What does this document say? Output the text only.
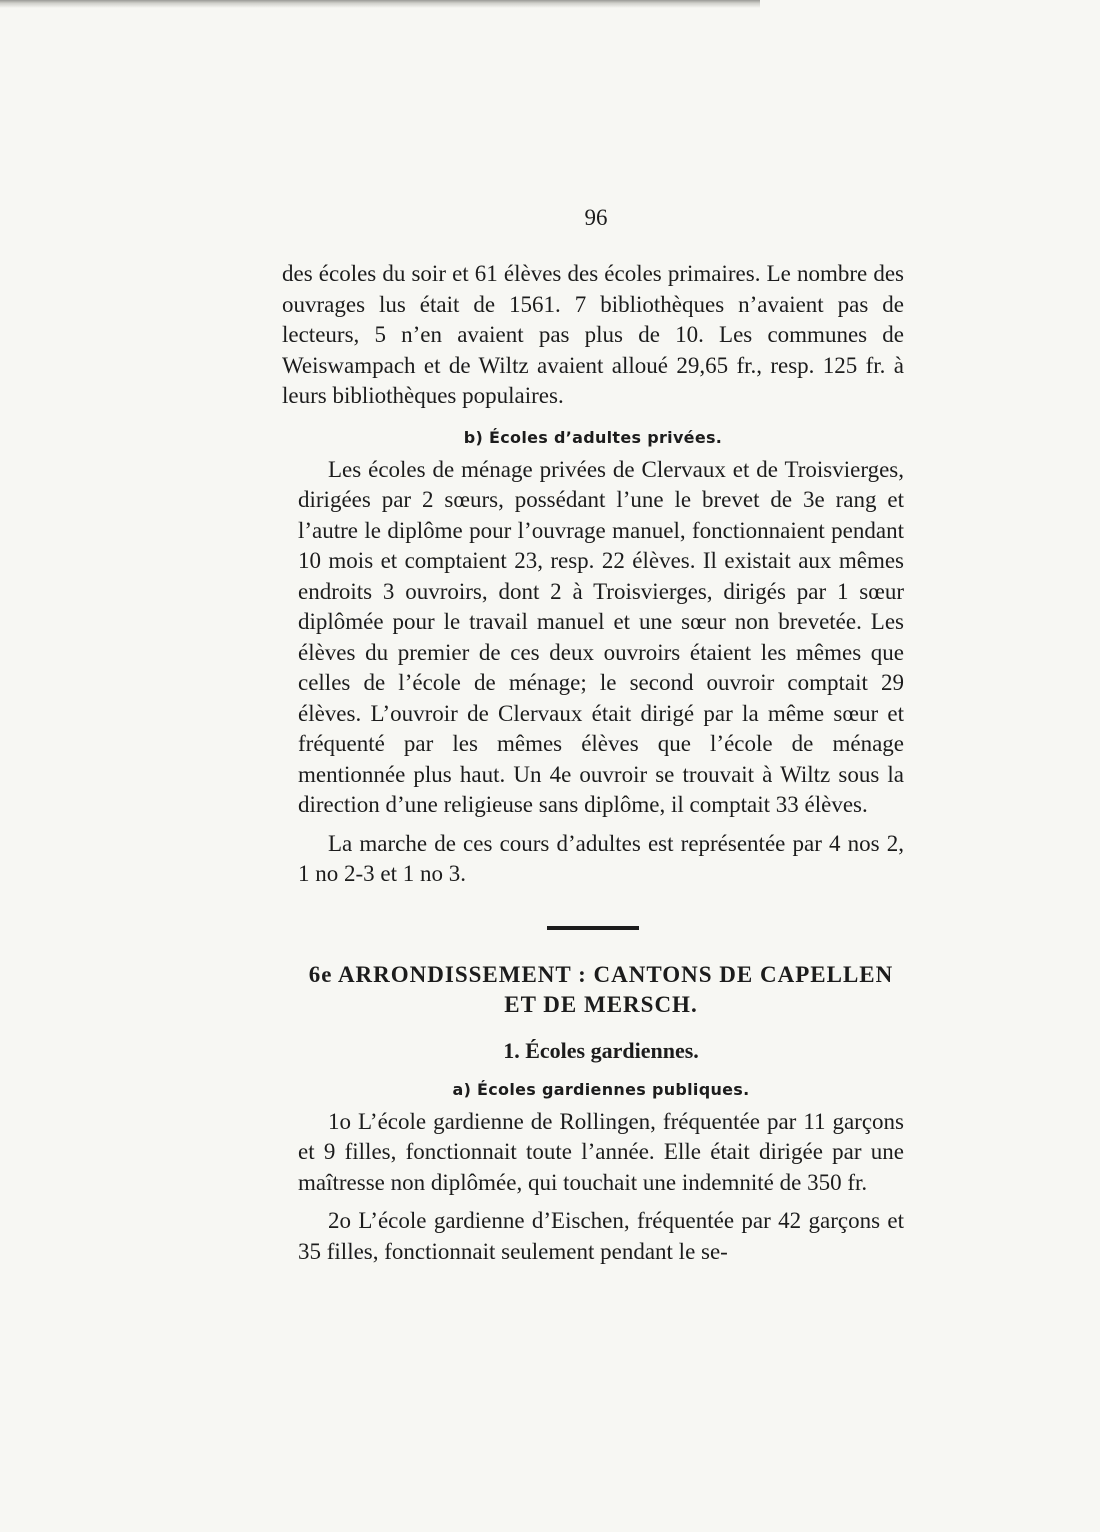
96

des écoles du soir et 61 élèves des écoles primaires. Le nombre des ouvrages lus était de 1561. 7 bibliothèques n’avaient pas de lecteurs, 5 n’en avaient pas plus de 10. Les communes de Weiswampach et de Wiltz avaient alloué 29,65 fr., resp. 125 fr. à leurs bibliothèques populaires.

b) Écoles d’adultes privées.

Les écoles de ménage privées de Clervaux et de Troisvierges, dirigées par 2 sœurs, possédant l’une le brevet de 3e rang et l’autre le diplôme pour l’ouvrage manuel, fonctionnaient pendant 10 mois et comptaient 23, resp. 22 élèves. Il existait aux mêmes endroits 3 ouvroirs, dont 2 à Troisvierges, dirigés par 1 sœur diplômée pour le travail manuel et une sœur non brevetée. Les élèves du premier de ces deux ouvroirs étaient les mêmes que celles de l’école de ménage; le second ouvroir comptait 29 élèves. L’ouvroir de Clervaux était dirigé par la même sœur et fréquenté par les mêmes élèves que l’école de ménage mentionnée plus haut. Un 4e ouvroir se trouvait à Wiltz sous la direction d’une religieuse sans diplôme, il comptait 33 élèves.

La marche de ces cours d’adultes est représentée par 4 nos 2, 1 no 2-3 et 1 no 3.

6e ARRONDISSEMENT : CANTONS DE CAPELLEN
ET DE MERSCH.
1. Écoles gardiennes.
a) Écoles gardiennes publiques.

1o L’école gardienne de Rollingen, fréquentée par 11 garçons et 9 filles, fonctionnait toute l’année. Elle était dirigée par une maîtresse non diplômée, qui touchait une indemnité de 350 fr.

2o L’école gardienne d’Eischen, fréquentée par 42 garçons et 35 filles, fonctionnait seulement pendant le se-
